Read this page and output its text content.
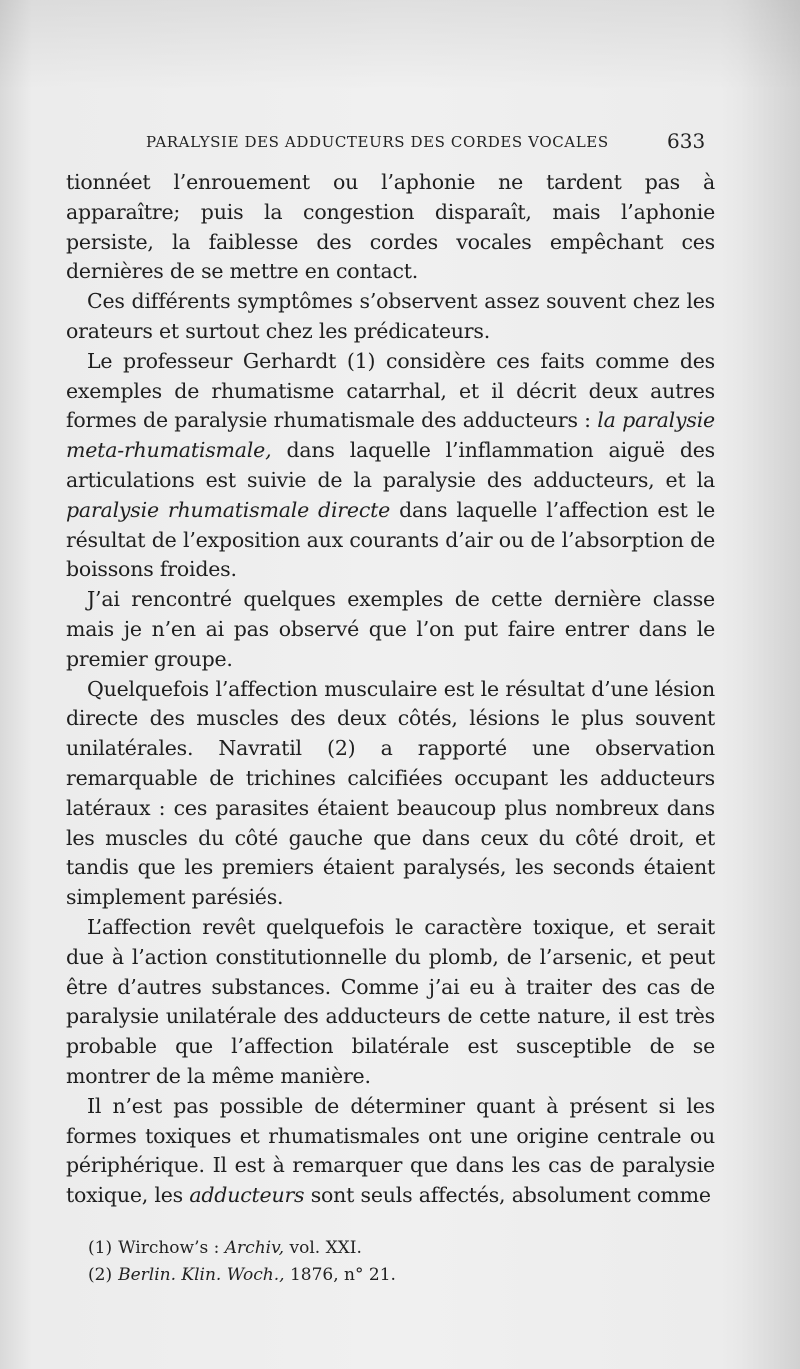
PARALYSIE DES ADDUCTEURS DES CORDES VOCALES	633

tionnéet l’enrouement ou l’aphonie ne tardent pas à apparaître; puis la congestion disparaît, mais l’aphonie persiste, la faiblesse des cordes vocales empêchant ces dernières de se mettre en contact.

Ces différents symptômes s’observent assez souvent chez les orateurs et surtout chez les prédicateurs.

Le professeur Gerhardt (1) considère ces faits comme des exemples de rhumatisme catarrhal, et il décrit deux autres formes de paralysie rhumatismale des adducteurs : la paralysie meta-rhumatismale, dans laquelle l’inflammation aiguë des articulations est suivie de la paralysie des adducteurs, et la paralysie rhumatismale directe dans laquelle l’affection est le résultat de l’exposition aux courants d’air ou de l’absorption de boissons froides.

J’ai rencontré quelques exemples de cette dernière classe mais je n’en ai pas observé que l’on put faire entrer dans le premier groupe.

Quelquefois l’affection musculaire est le résultat d’une lésion directe des muscles des deux côtés, lésions le plus souvent unilatérales. Navratil (2) a rapporté une observation remarquable de trichines calcifiées occupant les adducteurs latéraux : ces parasites étaient beaucoup plus nombreux dans les muscles du côté gauche que dans ceux du côté droit, et tandis que les premiers étaient paralysés, les seconds étaient simplement parésiés.

L’affection revêt quelquefois le caractère toxique, et serait due à l’action constitutionnelle du plomb, de l’arsenic, et peut être d’autres substances. Comme j’ai eu à traiter des cas de paralysie unilatérale des adducteurs de cette nature, il est très probable que l’affection bilatérale est susceptible de se montrer de la même manière.

Il n’est pas possible de déterminer quant à présent si les formes toxiques et rhumatismales ont une origine centrale ou périphérique. Il est à remarquer que dans les cas de paralysie toxique, les adducteurs sont seuls affectés, absolument comme

(1) Wirchow’s : Archiv, vol. XXI.

(2) Berlin. Klin. Woch., 1876, n° 21.
